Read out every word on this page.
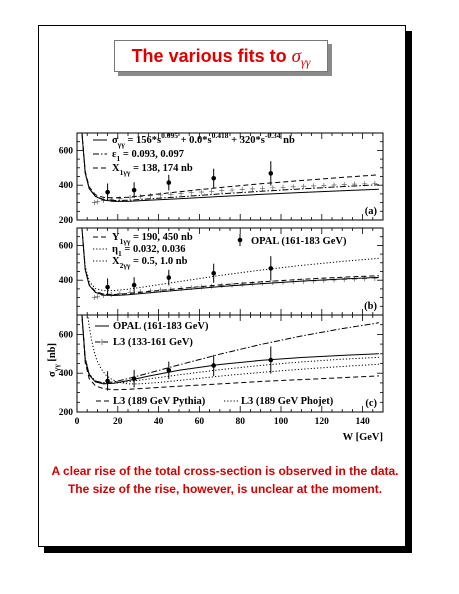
The various fits to $\sigma_{\gamma\gamma}$
200
400
600
(a)
400
600
(b)
200
400
600
(c)
0	20	40	60	80	100	120	140
W [GeV]
σγγ [nb]
σγγ = 156*s0.095 + 0.0*s0.418 + 320*s-0.34 nb
ε1 = 0.093, 0.097
X1γγ = 138, 174 nb
Y1γγ = 190, 450 nb
η1 = 0.032, 0.036
X2γγ = 0.5, 1.0 nb
OPAL (161-183 GeV)
OPAL (161-183 GeV)
L3 (133-161 GeV)
L3 (189 GeV Pythia)	L3 (189 GeV Phojet)
A clear rise of the total cross-section is observed in the data. The size of the rise, however, is unclear at the moment.
